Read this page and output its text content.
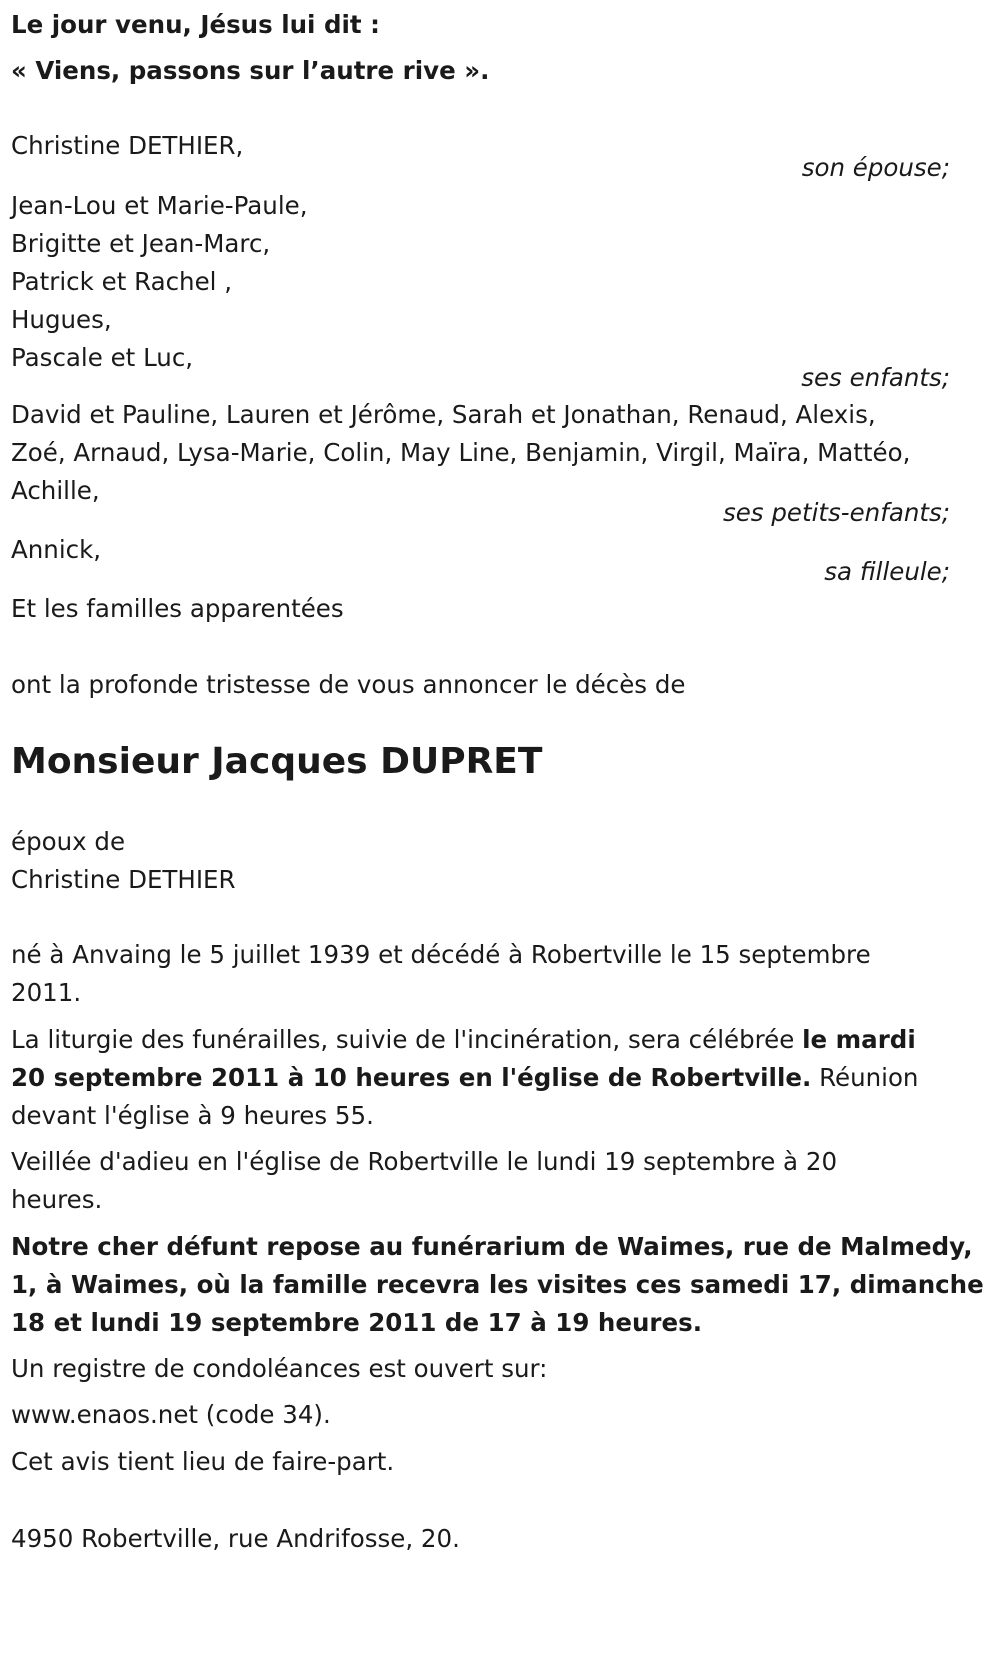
Le jour venu, Jésus lui dit :

« Viens, passons sur l’autre rive ».

Christine DETHIER,

son épouse;

Jean-Lou et Marie-Paule,
Brigitte et Jean-Marc,
Patrick et Rachel ,
Hugues,
Pascale et Luc,

ses enfants;

David et Pauline, Lauren et Jérôme, Sarah et Jonathan, Renaud, Alexis,
Zoé, Arnaud, Lysa-Marie, Colin, May Line, Benjamin, Virgil, Maïra, Mattéo,
Achille,

ses petits-enfants;

Annick,

sa filleule;

Et les familles apparentées

ont la profonde tristesse de vous annoncer le décès de

Monsieur Jacques DUPRET

époux de

Christine DETHIER

né à Anvaing le 5 juillet 1939 et décédé à Robertville le 15 septembre
2011.
La liturgie des funérailles, suivie de l'incinération, sera célébrée le mardi
20 septembre 2011 à 10 heures en l'église de Robertville. Réunion
devant l'église à 9 heures 55.
Veillée d'adieu en l'église de Robertville le lundi 19 septembre à 20
heures.
Notre cher défunt repose au funérarium de Waimes, rue de Malmedy,
1, à Waimes, où la famille recevra les visites ces samedi 17, dimanche
18 et lundi 19 septembre 2011 de 17 à 19 heures.

Un registre de condoléances est ouvert sur:

www.enaos.net (code 34).

Cet avis tient lieu de faire-part.

4950 Robertville, rue Andrifosse, 20.
